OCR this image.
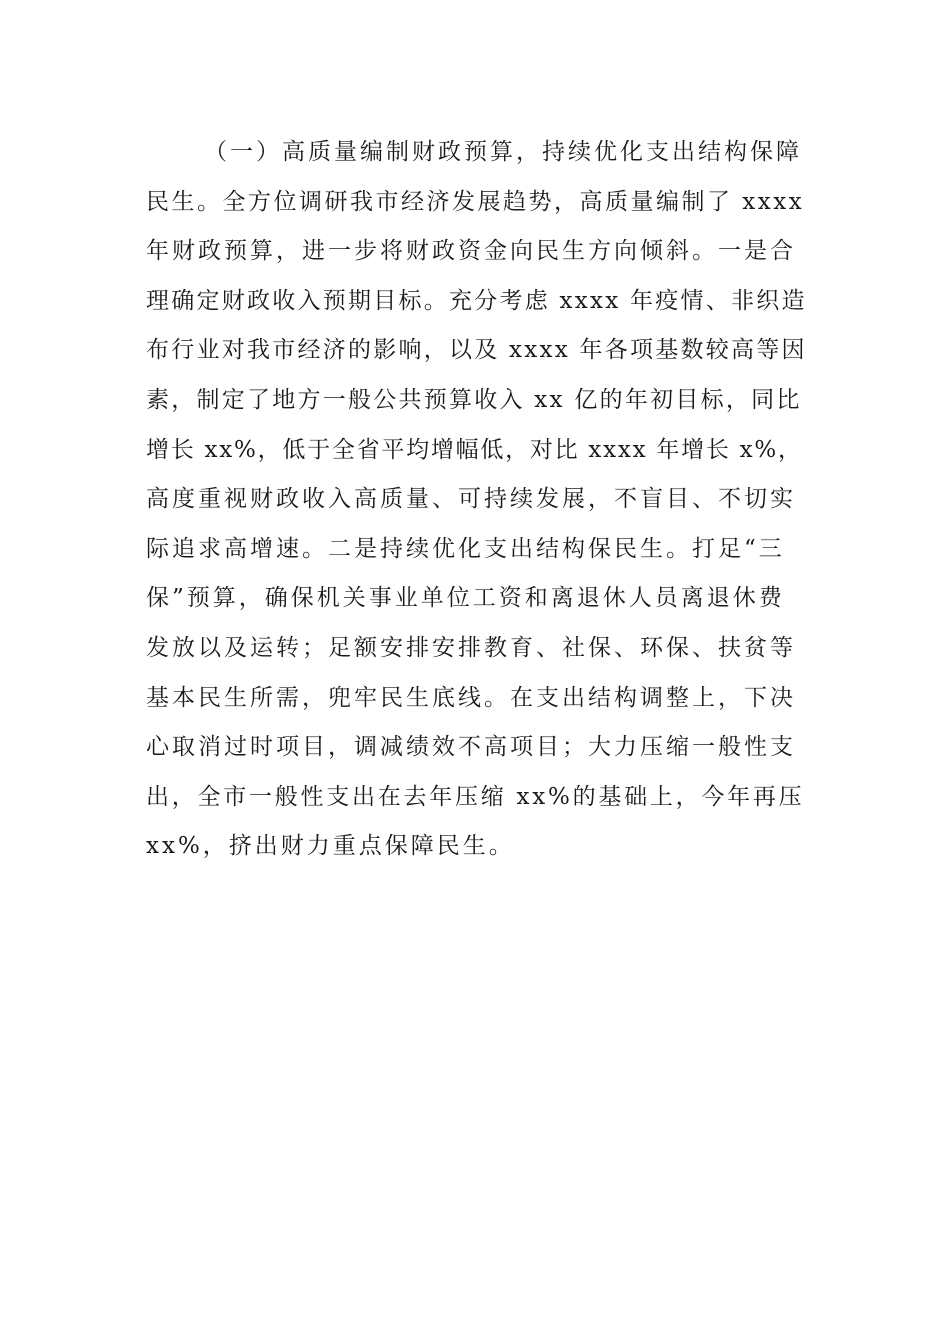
（一）高质量编制财政预算，持续优化支出结构保障
民生。全方位调研我市经济发展趋势，高质量编制了 xxxx
年财政预算，进一步将财政资金向民生方向倾斜。一是合
理确定财政收入预期目标。充分考虑 xxxx 年疫情、非织造
布行业对我市经济的影响，以及 xxxx 年各项基数较高等因
素，制定了地方一般公共预算收入 xx 亿的年初目标，同比
增长 xx%，低于全省平均增幅低，对比 xxxx 年增长 x%，
高度重视财政收入高质量、可持续发展，不盲目、不切实
际追求高增速。二是持续优化支出结构保民生。打足“三
保”预算，确保机关事业单位工资和离退休人员离退休费
发放以及运转；足额安排安排教育、社保、环保、扶贫等
基本民生所需，兜牢民生底线。在支出结构调整上，下决
心取消过时项目，调减绩效不高项目；大力压缩一般性支
出，全市一般性支出在去年压缩 xx%的基础上，今年再压
xx%，挤出财力重点保障民生。
